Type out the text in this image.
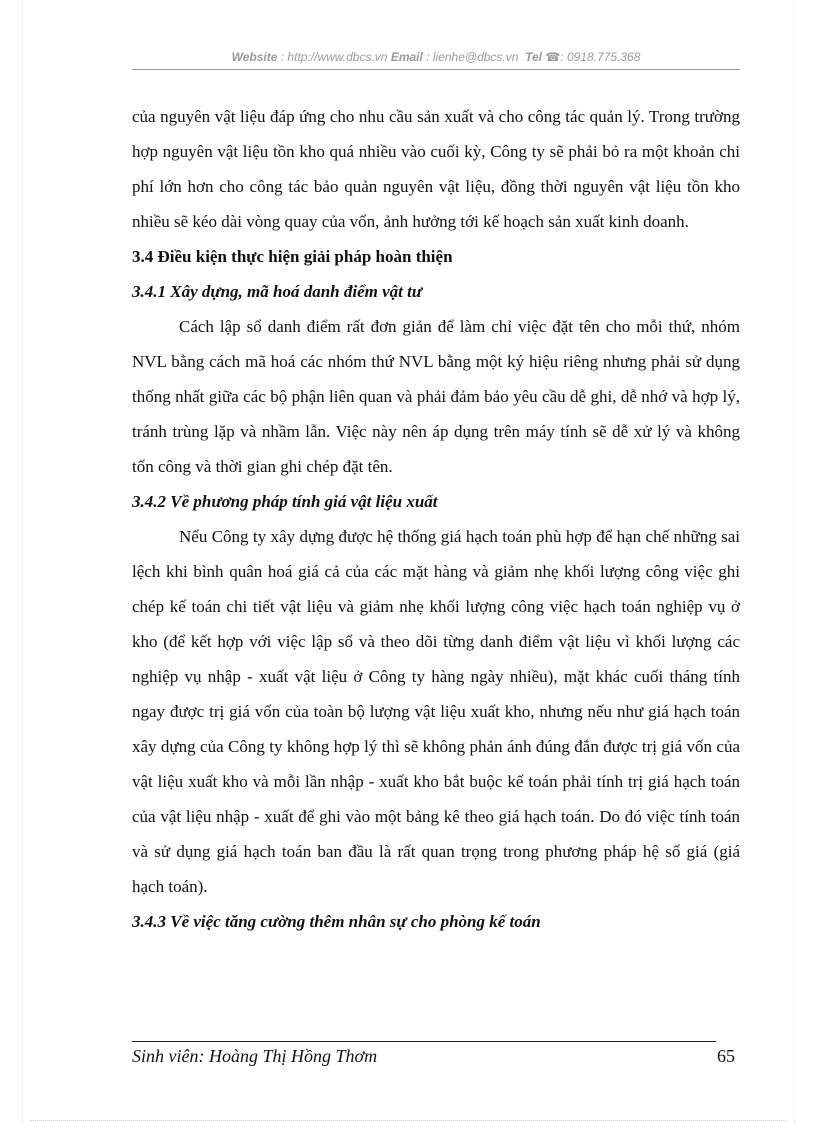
Website : http://www.dbcs.vn Email : lienhe@dbcs.vn Tel ☎: 0918.775.368

của nguyên vật liệu đáp ứng cho nhu cầu sản xuất và cho công tác quản lý. Trong trường hợp nguyên vật liệu tồn kho quá nhiều vào cuối kỳ, Công ty sẽ phải bỏ ra một khoản chi phí lớn hơn cho công tác bảo quản nguyên vật liệu, đồng thời nguyên vật liệu tồn kho nhiều sẽ kéo dài vòng quay của vốn, ảnh hưởng tới kế hoạch sản xuất kinh doanh.

3.4 Điều kiện thực hiện giải pháp hoàn thiện
3.4.1 Xây dựng, mã hoá danh điểm vật tư

Cách lập sổ danh điểm rất đơn giản để làm chỉ việc đặt tên cho mỗi thứ, nhóm NVL bằng cách mã hoá các nhóm thứ NVL bằng một ký hiệu riêng nhưng phải sử dụng thống nhất giữa các bộ phận liên quan và phải đảm bảo yêu cầu dễ ghi, dễ nhớ và hợp lý, tránh trùng lặp và nhầm lẫn. Việc này nên áp dụng trên máy tính sẽ dễ xử lý và không tốn công và thời gian ghi chép đặt tên.

3.4.2 Về phương pháp tính giá vật liệu xuất

Nếu Công ty xây dựng được hệ thống giá hạch toán phù hợp để hạn chế những sai lệch khi bình quân hoá giá cả của các mặt hàng và giảm nhẹ khối lượng công việc ghi chép kế toán chi tiết vật liệu và giảm nhẹ khối lượng công việc hạch toán nghiệp vụ ở kho (để kết hợp với việc lập sổ và theo dõi từng danh điểm vật liệu vì khối lượng các nghiệp vụ nhập - xuất vật liệu ở Công ty hàng ngày nhiều), mặt khác cuối tháng tính ngay được trị giá vốn của toàn bộ lượng vật liệu xuất kho, nhưng nếu như giá hạch toán xây dựng của Công ty không hợp lý thì sẽ không phản ánh đúng đắn được trị giá vốn của vật liệu xuất kho và mỗi lần nhập - xuất kho bắt buộc kế toán phải tính trị giá hạch toán của vật liệu nhập - xuất để ghi vào một bảng kê theo giá hạch toán. Do đó việc tính toán và sử dụng giá hạch toán ban đầu là rất quan trọng trong phương pháp hệ số giá (giá hạch toán).

3.4.3 Về việc tăng cường thêm nhân sự cho phòng kế toán
Sinh viên: Hoàng Thị Hồng Thơm	65
